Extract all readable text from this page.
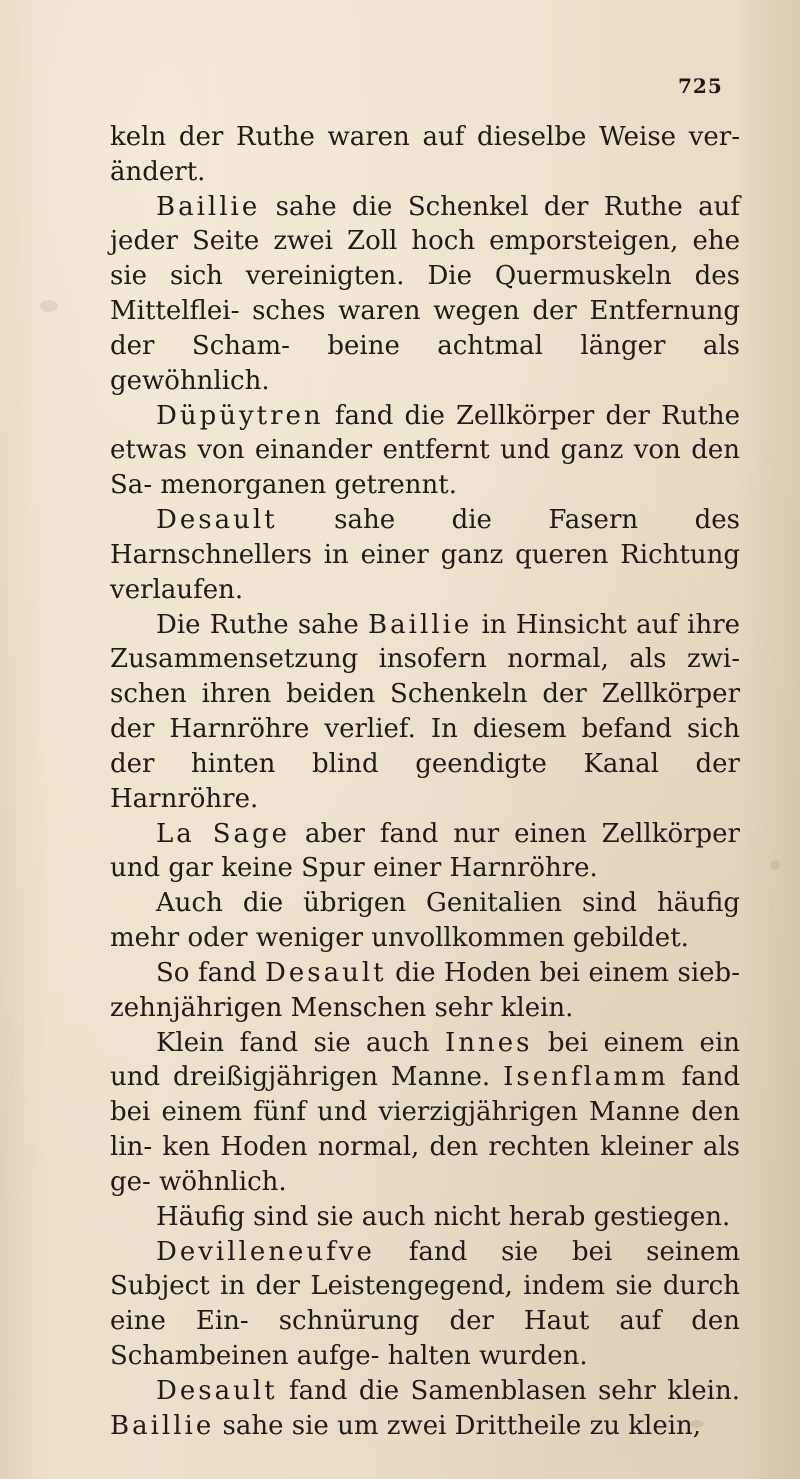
725

keln der Ruthe waren auf dieselbe Weise ver- ändert.

Baillie sahe die Schenkel der Ruthe auf jeder Seite zwei Zoll hoch emporsteigen, ehe sie sich vereinigten. Die Quermuskeln des Mittelflei- sches waren wegen der Entfernung der Scham- beine achtmal länger als gewöhnlich.

Düpüytren fand die Zellkörper der Ruthe etwas von einander entfernt und ganz von den Sa- menorganen getrennt.

Desault sahe die Fasern des Harnschnellers in einer ganz queren Richtung verlaufen.

Die Ruthe sahe Baillie in Hinsicht auf ihre Zusammensetzung insofern normal, als zwi- schen ihren beiden Schenkeln der Zellkörper der Harnröhre verlief. In diesem befand sich der hinten blind geendigte Kanal der Harnröhre.

La Sage aber fand nur einen Zellkörper und gar keine Spur einer Harnröhre.

Auch die übrigen Genitalien sind häufig mehr oder weniger unvollkommen gebildet.

So fand Desault die Hoden bei einem sieb- zehnjährigen Menschen sehr klein.

Klein fand sie auch Innes bei einem ein und dreißigjährigen Manne. Isenflamm fand bei einem fünf und vierzigjährigen Manne den lin- ken Hoden normal, den rechten kleiner als ge- wöhnlich.

Häufig sind sie auch nicht herab gestiegen.

Devilleneufve fand sie bei seinem Subject in der Leistengegend, indem sie durch eine Ein- schnürung der Haut auf den Schambeinen aufge- halten wurden.

Desault fand die Samenblasen sehr klein. Baillie sahe sie um zwei Drittheile zu klein,
